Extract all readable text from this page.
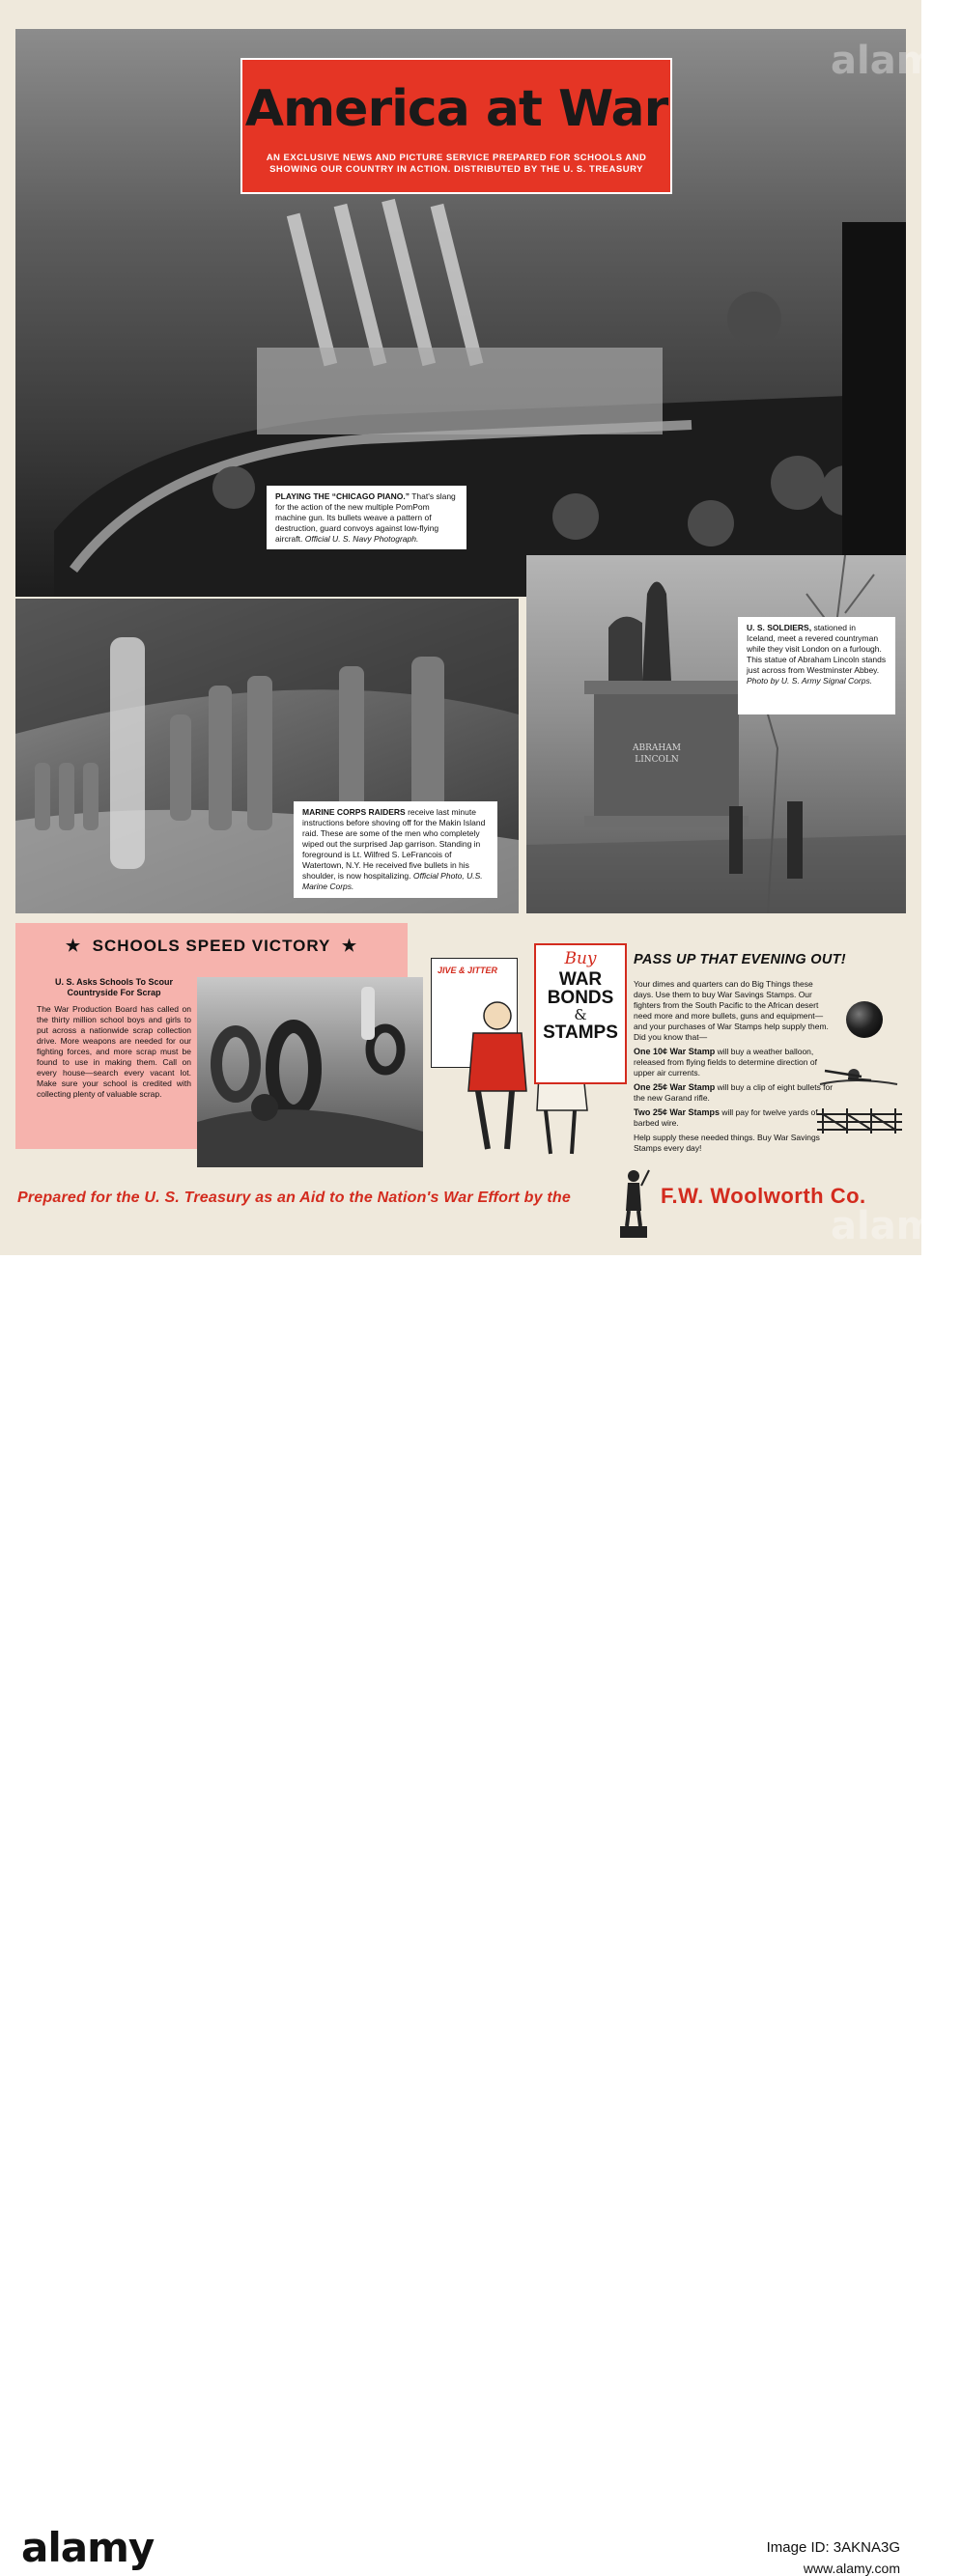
America at War
AN EXCLUSIVE NEWS AND PICTURE SERVICE PREPARED FOR SCHOOLS AND
SHOWING OUR COUNTRY IN ACTION. DISTRIBUTED BY THE U. S. TREASURY
PLAYING THE “CHICAGO PIANO.” That's slang for the action of the new multiple PomPom machine gun. Its bullets weave a pattern of destruction, guard convoys against low-flying aircraft. Official U. S. Navy Photograph.
MARINE CORPS RAIDERS receive last minute instructions before shoving off for the Makin Island raid. These are some of the men who completely wiped out the surprised Jap garrison. Standing in foreground is Lt. Wilfred S. LeFrancois of Watertown, N.Y. He received five bullets in his shoulder, is now hospitalizing. Official Photo, U.S. Marine Corps.
ABRAHAM
LINCOLN
U. S. SOLDIERS, stationed in Iceland, meet a revered countryman while they visit London on a furlough. This statue of Abraham Lincoln stands just across from Westminster Abbey. Photo by U. S. Army Signal Corps.
★ SCHOOLS SPEED VICTORY ★
U. S. Asks Schools To Scour Countryside For Scrap
The War Production Board has called on the thirty million school boys and girls to put across a nationwide scrap collection drive. More weapons are needed for our fighting forces, and more scrap must be found to use in making them. Call on every house—search every vacant lot. Make sure your school is credited with collecting plenty of valuable scrap.
JIVE & JITTER
Buy
WAR
BONDS
&
STAMPS
PASS UP THAT EVENING OUT!

Your dimes and quarters can do Big Things these days. Use them to buy War Savings Stamps. Our fighters from the South Pacific to the African desert need more and more bullets, guns and equipment—and your purchases of War Stamps help supply them. Did you know that—

One 10¢ War Stamp will buy a weather balloon, released from flying fields to determine direction of upper air currents.

One 25¢ War Stamp will buy a clip of eight bullets for the new Garand rifle.

Two 25¢ War Stamps will pay for twelve yards of barbed wire.

Help supply these needed things. Buy War Savings Stamps every day!

Prepared for the U. S. Treasury as an Aid to the Nation's War Effort by the	F.W. Woolworth Co.
alamy
alamy
alamy	Image ID: 3AKNA3G
www.alamy.com
